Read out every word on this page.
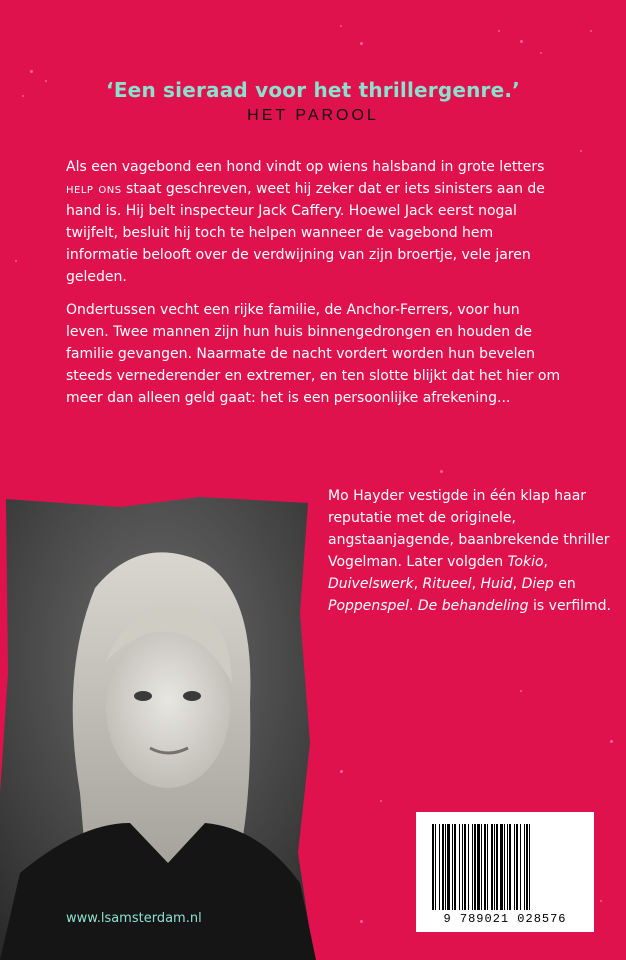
‘Een sieraad voor het thrillergenre.’
HET PAROOL

Als een vagebond een hond vindt op wiens halsband in grote letters help ons staat geschreven, weet hij zeker dat er iets sinisters aan de hand is. Hij belt inspecteur Jack Caffery. Hoewel Jack eerst nogal twijfelt, besluit hij toch te helpen wanneer de vagebond hem informatie belooft over de verdwijning van zijn broertje, vele jaren geleden.

Ondertussen vecht een rijke familie, de Anchor-Ferrers, voor hun leven. Twee mannen zijn hun huis binnengedrongen en houden de familie gevangen. Naarmate de nacht vordert worden hun bevelen steeds vernederender en extremer, en ten slotte blijkt dat het hier om meer dan alleen geld gaat: het is een persoonlijke afrekening...

Mo Hayder vestigde in één klap haar reputatie met de originele, angstaanjagende, baanbrekende thriller Vogelman. Later volgden Tokio, Duivelswerk, Ritueel, Huid, Diep en Poppenspel. De behandeling is verfilmd.

www.lsamsterdam.nl	9 789021 028576
